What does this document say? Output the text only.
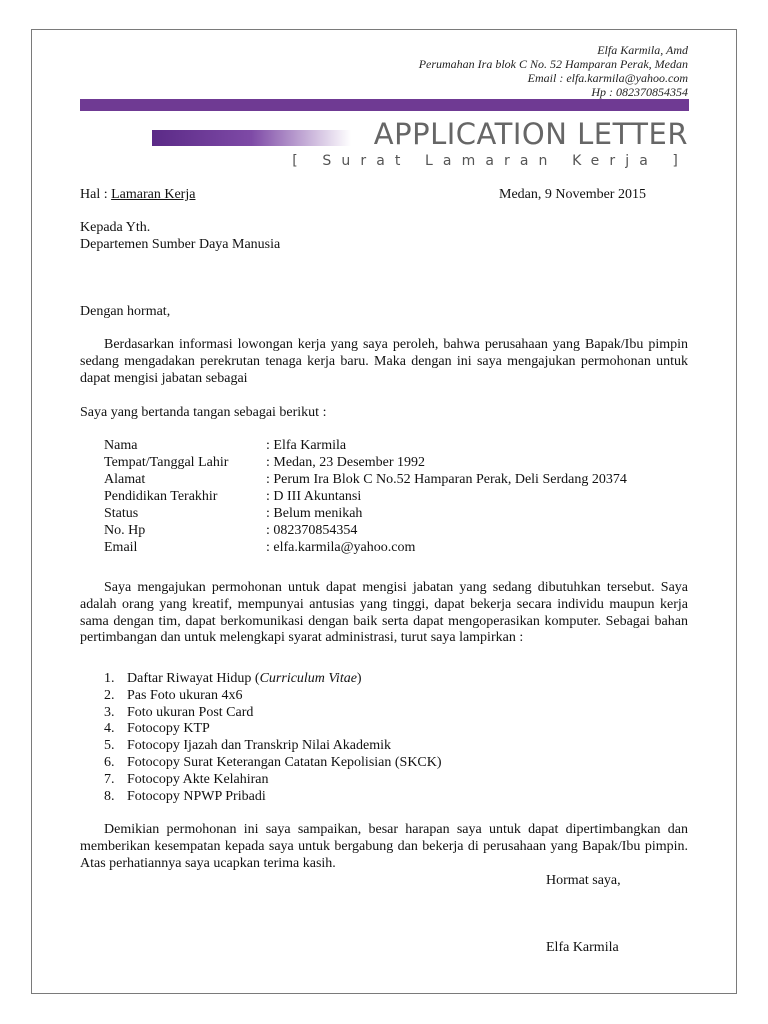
Elfa Karmila, Amd
Perumahan Ira blok C No. 52 Hamparan Perak, Medan
Email : elfa.karmila@yahoo.com
Hp : 082370854354
APPLICATION LETTER
[ Surat Lamaran Kerja ]
Hal : Lamaran Kerja	Medan, 9 November 2015
Kepada Yth.
Departemen Sumber Daya Manusia
Dengan hormat,
Berdasarkan informasi lowongan kerja yang saya peroleh, bahwa perusahaan yang Bapak/Ibu pimpin sedang mengadakan perekrutan tenaga kerja baru. Maka dengan ini saya mengajukan permohonan untuk dapat mengisi jabatan sebagai
Saya yang bertanda tangan sebagai berikut :
Nama	: Elfa Karmila
Tempat/Tanggal Lahir	: Medan, 23 Desember 1992
Alamat	: Perum Ira Blok C No.52 Hamparan Perak, Deli Serdang 20374
Pendidikan Terakhir	: D III Akuntansi
Status	: Belum menikah
No. Hp	: 082370854354
Email	: elfa.karmila@yahoo.com
Saya mengajukan permohonan untuk dapat mengisi jabatan yang sedang dibutuhkan tersebut. Saya adalah orang yang kreatif, mempunyai antusias yang tinggi, dapat bekerja secara individu maupun kerja sama dengan tim, dapat berkomunikasi dengan baik serta dapat mengoperasikan komputer. Sebagai bahan pertimbangan dan untuk melengkapi syarat administrasi, turut saya lampirkan :
1. Daftar Riwayat Hidup (Curriculum Vitae)
2. Pas Foto ukuran 4x6
3. Foto ukuran Post Card
4. Fotocopy KTP
5. Fotocopy Ijazah dan Transkrip Nilai Akademik
6. Fotocopy Surat Keterangan Catatan Kepolisian (SKCK)
7. Fotocopy Akte Kelahiran
8. Fotocopy NPWP Pribadi
Demikian permohonan ini saya sampaikan, besar harapan saya untuk dapat dipertimbangkan dan memberikan kesempatan kepada saya untuk bergabung dan bekerja di perusahaan yang Bapak/Ibu pimpin. Atas perhatiannya saya ucapkan terima kasih.
Hormat saya,
Elfa Karmila
